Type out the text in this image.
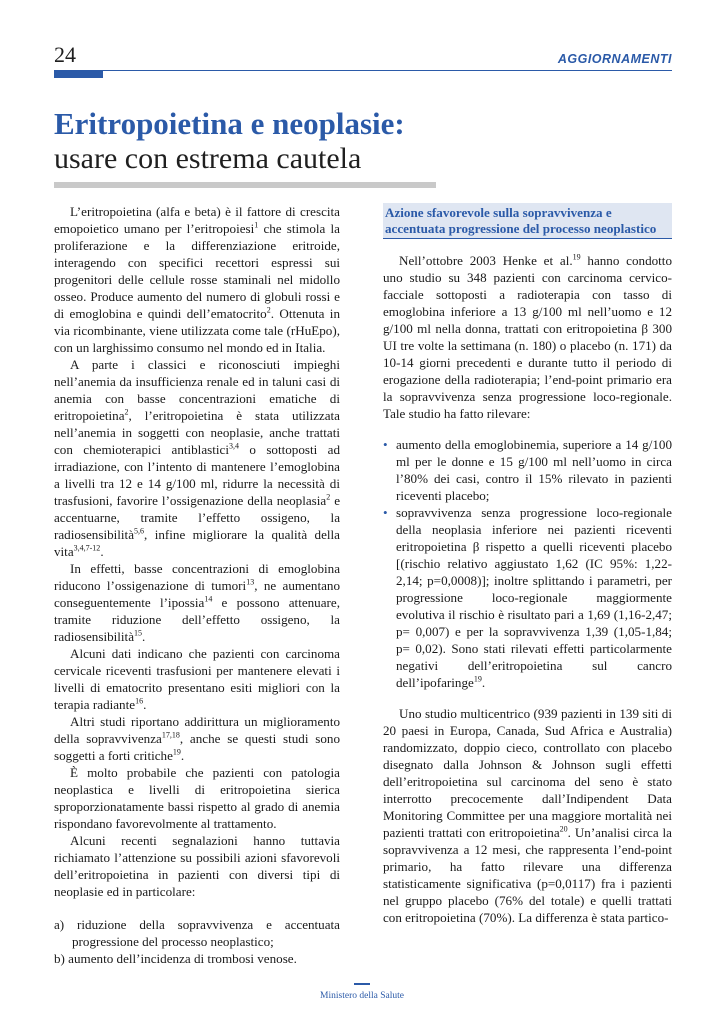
24	AGGIORNAMENTI
Eritropoietina e neoplasie:
usare con estrema cautela

L’eritropoietina (alfa e beta) è il fattore di crescita emopoietico umano per l’eritropoiesi$^1$ che stimola la proliferazione e la differenziazione eritroide, interagendo con specifici recettori espressi sui progenitori delle cellule rosse staminali nel midollo osseo. Produce aumento del numero di globuli rossi e di emoglobina e quindi dell’ematocrito$^2$. Ottenuta in via ricombinante, viene utilizzata come tale (rHuEpo), con un larghissimo consumo nel mondo ed in Italia.

A parte i classici e riconosciuti impieghi nell’anemia da insufficienza renale ed in taluni casi di anemia con basse concentrazioni ematiche di eritropoietina$^2$, l’eritropoietina è stata utilizzata nell’anemia in soggetti con neoplasie, anche trattati con chemioterapici antiblastici$^{3,4}$ o sottoposti ad irradiazione, con l’intento di mantenere l’emoglobina a livelli tra 12 e 14 g/100 ml, ridurre la necessità di trasfusioni, favorire l’ossigenazione della neoplasia$^2$ e accentuarne, tramite l’effetto ossigeno, la radiosensibilità$^{5,6}$, infine migliorare la qualità della vita$^{3,4,7-12}$.

In effetti, basse concentrazioni di emoglobina riducono l’ossigenazione di tumori$^{13}$, ne aumentano conseguentemente l’ipossia$^{14}$ e possono attenuare, tramite riduzione dell’effetto ossigeno, la radiosensibilità$^{15}$.

Alcuni dati indicano che pazienti con carcinoma cervicale riceventi trasfusioni per mantenere elevati i livelli di ematocrito presentano esiti migliori con la terapia radiante$^{16}$.

Altri studi riportano addirittura un miglioramento della sopravvivenza$^{17,18}$, anche se questi studi sono soggetti a forti critiche$^{19}$.

È molto probabile che pazienti con patologia neoplastica e livelli di eritropoietina sierica sproporzionatamente bassi rispetto al grado di anemia rispondano favorevolmente al trattamento.

Alcuni recenti segnalazioni hanno tuttavia richiamato l’attenzione su possibili azioni sfavorevoli dell’eritropoietina in pazienti con diversi tipi di neoplasie ed in particolare:

a) riduzione della sopravvivenza e accentuata progressione del processo neoplastico;
b) aumento dell’incidenza di trombosi venose.
Azione sfavorevole sulla sopravvivenza e accentuata progressione del processo neoplastico

Nell’ottobre 2003 Henke et al.$^{19}$ hanno condotto uno studio su 348 pazienti con carcinoma cervico-facciale sottoposti a radioterapia con tasso di emoglobina inferiore a 13 g/100 ml nell’uomo e 12 g/100 ml nella donna, trattati con eritropoietina β 300 UI tre volte la settimana (n. 180) o placebo (n. 171) da 10-14 giorni precedenti e durante tutto il periodo di erogazione della radioterapia; l’end-point primario era la sopravvivenza senza progressione loco-regionale. Tale studio ha fatto rilevare:

• aumento della emoglobinemia, superiore a 14 g/100 ml per le donne e 15 g/100 ml nell’uomo in circa l’80% dei casi, contro il 15% rilevato in pazienti riceventi placebo;
• sopravvivenza senza progressione loco-regionale della neoplasia inferiore nei pazienti riceventi eritropoietina β rispetto a quelli riceventi placebo [(rischio relativo aggiustato 1,62 (IC 95%: 1,22-2,14; p=0,0008)]; inoltre splittando i parametri, per progressione loco-regionale maggiormente evolutiva il rischio è risultato pari a 1,69 (1,16-2,47; p= 0,007) e per la sopravvivenza 1,39 (1,05-1,84; p= 0,02). Sono stati rilevati effetti particolarmente negativi dell’eritropoietina sul cancro dell’ipofaringe$^{19}$.

Uno studio multicentrico (939 pazienti in 139 siti di 20 paesi in Europa, Canada, Sud Africa e Australia) randomizzato, doppio cieco, controllato con placebo disegnato dalla Johnson & Johnson sugli effetti dell’eritropoietina sul carcinoma del seno è stato interrotto precocemente dall’Indipendent Data Monitoring Committee per una maggiore mortalità nei pazienti trattati con eritropoietina$^{20}$. Un’analisi circa la sopravvivenza a 12 mesi, che rappresenta l’end-point primario, ha fatto rilevare una differenza statisticamente significativa (p=0,0117) fra i pazienti nel gruppo placebo (76% del totale) e quelli trattati con eritropoietina (70%). La differenza è stata partico-

Ministero della Salute
